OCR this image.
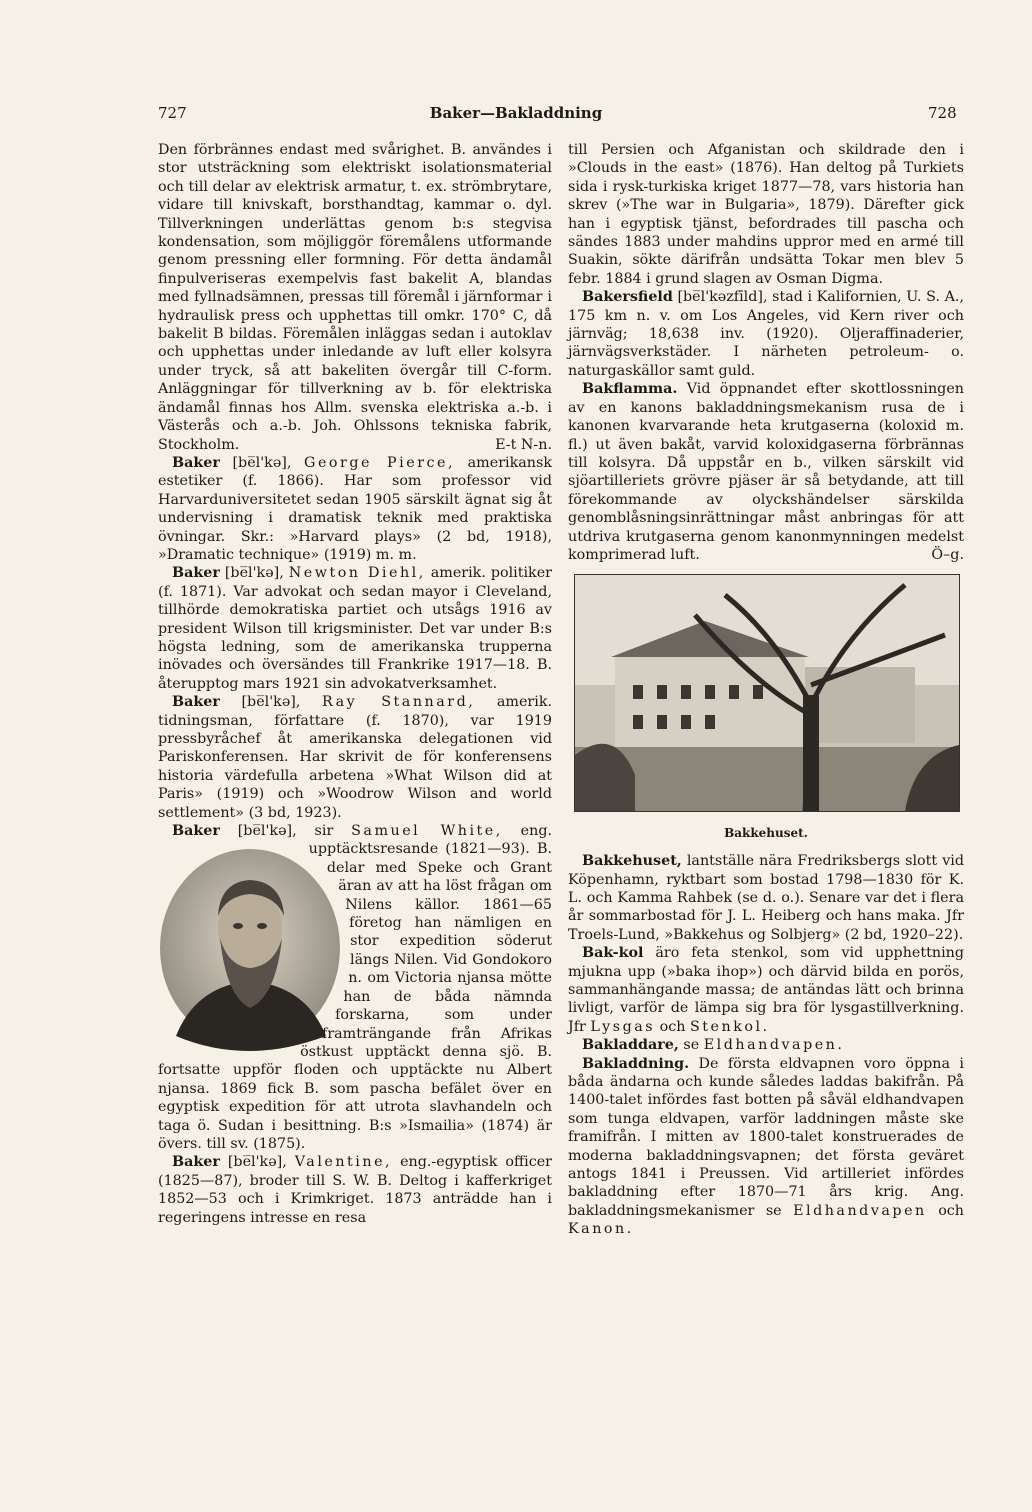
727	Baker—Bakladdning	728

Den förbrännes endast med svårighet. B. användes i stor utsträckning som elektriskt isolationsmaterial och till delar av elektrisk armatur, t. ex. strömbrytare, vidare till knivskaft, borsthandtag, kammar o. dyl. Tillverkningen underlättas genom b:s stegvisa kondensation, som möjliggör föremålens utformande genom pressning eller formning. För detta ändamål finpulveriseras exempelvis fast bakelit A, blandas med fyllnadsämnen, pressas till föremål i järnformar i hydraulisk press och upphettas till omkr. 170° C, då bakelit B bildas. Föremålen inläggas sedan i autoklav och upphettas under inledande av luft eller kolsyra under tryck, så att bakeliten övergår till C-form. Anläggningar för tillverkning av b. för elektriska ändamål finnas hos Allm. svenska elektriska a.-b. i Västerås och a.-b. Joh. Ohlssons tekniska fabrik, Stockholm.	E-t N-n.

Baker [be̅l'kə], George Pierce, amerikansk estetiker (f. 1866). Har som professor vid Harvarduniversitetet sedan 1905 särskilt ägnat sig åt undervisning i dramatisk teknik med praktiska övningar. Skr.: »Harvard plays» (2 bd, 1918), »Dramatic technique» (1919) m. m.

Baker [be̅l'kə], Newton Diehl, amerik. politiker (f. 1871). Var advokat och sedan mayor i Cleveland, tillhörde demokratiska partiet och utsågs 1916 av president Wilson till krigsminister. Det var under B:s högsta ledning, som de amerikanska trupperna inövades och översändes till Frankrike 1917—18. B. återupptog mars 1921 sin advokatverksamhet.

Baker [be̅l'kə], Ray Stannard, amerik. tidningsman, författare (f. 1870), var 1919 pressbyråchef åt amerikanska delegationen vid Pariskonferensen. Har skrivit de för konferensens historia värdefulla arbetena »What Wilson did at Paris» (1919) och »Woodrow Wilson and world settlement» (3 bd, 1923).

Baker [be̅l'kə], sir Samuel White, eng. upptäcktsresande (1821—93). B. delar med Speke och Grant äran av att ha löst frågan om Nilens källor. 1861—65 företog han nämligen en stor expedition söderut längs Nilen. Vid Gondokoro n. om Victoria njansa mötte han de båda nämnda forskarna, som under framträngande från Afrikas östkust upptäckt denna sjö. B. fortsatte uppför floden och upptäckte nu Albert njansa. 1869 fick B. som pascha befälet över en egyptisk expedition för att utrota slavhandeln och taga ö. Sudan i besittning. B:s »Ismailia» (1874) är övers. till sv. (1875).

Baker [be̅l'kə], Valentine, eng.-egyptisk officer (1825—87), broder till S. W. B. Deltog i kafferkriget 1852—53 och i Krimkriget. 1873 anträdde han i regeringens intresse en resa

till Persien och Afganistan och skildrade den i »Clouds in the east» (1876). Han deltog på Turkiets sida i rysk-turkiska kriget 1877—78, vars historia han skrev (»The war in Bulgaria», 1879). Därefter gick han i egyptisk tjänst, befordrades till pascha och sändes 1883 under mahdins uppror med en armé till Suakin, sökte därifrån undsätta Tokar men blev 5 febr. 1884 i grund slagen av Osman Digma.

Bakersfield [be̅l'kəzfīld], stad i Kalifornien, U. S. A., 175 km n. v. om Los Angeles, vid Kern river och järnväg; 18,638 inv. (1920). Oljeraffinaderier, järnvägsverkstäder. I närheten petroleum- o. naturgaskällor samt guld.

Bakflamma. Vid öppnandet efter skottlossningen av en kanons bakladdningsmekanism rusa de i kanonen kvarvarande heta krutgaserna (koloxid m. fl.) ut även bakåt, varvid koloxidgaserna förbrännas till kolsyra. Då uppstår en b., vilken särskilt vid sjöartilleriets grövre pjäser är så betydande, att till förekommande av olyckshändelser särskilda genomblåsningsinrättningar måst anbringas för att utdriva krutgaserna genom kanonmynningen medelst komprimerad luft.	Ö–g.

Bakkehuset.

Bakkehuset, lantställe nära Fredriksbergs slott vid Köpenhamn, ryktbart som bostad 1798—1830 för K. L. och Kamma Rahbek (se d. o.). Senare var det i flera år sommarbostad för J. L. Heiberg och hans maka. Jfr Troels-Lund, »Bakkehus og Solbjerg» (2 bd, 1920–22).

Bak-kol äro feta stenkol, som vid upphettning mjukna upp (»baka ihop») och därvid bilda en porös, sammanhängande massa; de antändas lätt och brinna livligt, varför de lämpa sig bra för lysgastillverkning. Jfr Lysgas och Stenkol.

Bakladdare, se Eldhandvapen.

Bakladdning. De första eldvapnen voro öppna i båda ändarna och kunde således laddas bakifrån. På 1400-talet infördes fast botten på såväl eldhandvapen som tunga eldvapen, varför laddningen måste ske framifrån. I mitten av 1800-talet konstruerades de moderna bakladdningsvapnen; det första geväret antogs 1841 i Preussen. Vid artilleriet infördes bakladdning efter 1870—71 års krig. Ang. bakladdningsmekanismer se Eldhandvapen och Kanon.
